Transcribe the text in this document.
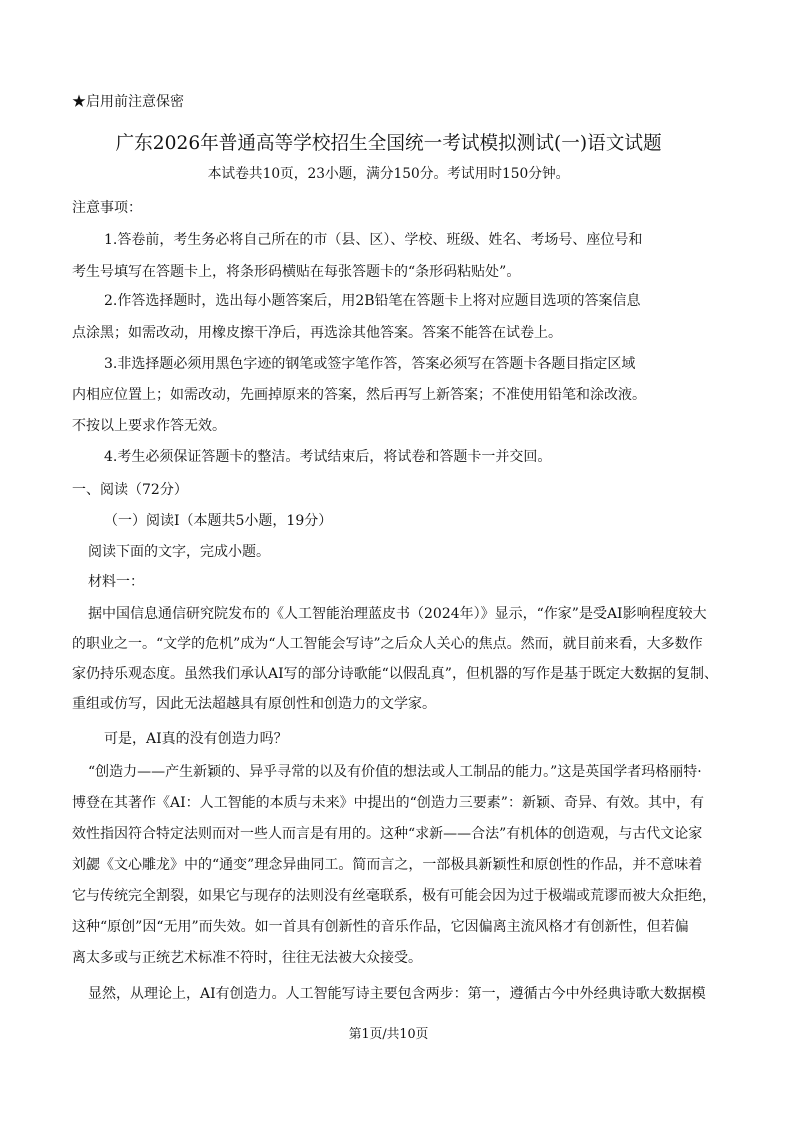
★启用前注意保密
广东2026年普通高等学校招生全国统一考试模拟测试(一)语文试题
本试卷共10页，23小题，满分150分。考试用时150分钟。
注意事项：
1.答卷前，考生务必将自己所在的市（县、区）、学校、班级、姓名、考场号、座位号和
考生号填写在答题卡上，将条形码横贴在每张答题卡的“条形码粘贴处”。
2.作答选择题时，选出每小题答案后，用2B铅笔在答题卡上将对应题目选项的答案信息
点涂黑；如需改动，用橡皮擦干净后，再选涂其他答案。答案不能答在试卷上。
3.非选择题必须用黑色字迹的钢笔或签字笔作答，答案必须写在答题卡各题目指定区域
内相应位置上；如需改动，先画掉原来的答案，然后再写上新答案；不准使用铅笔和涂改液。
不按以上要求作答无效。
4.考生必须保证答题卡的整洁。考试结束后，将试卷和答题卡一并交回。
一、阅读（72分）
（一）阅读Ⅰ（本题共5小题，19分）
阅读下面的文字，完成小题。
材料一：
据中国信息通信研究院发布的《人工智能治理蓝皮书（2024年）》显示，“作家”是受AI影响程度较大
的职业之一。“文学的危机”成为“人工智能会写诗”之后众人关心的焦点。然而，就目前来看，大多数作
家仍持乐观态度。虽然我们承认AI写的部分诗歌能“以假乱真”，但机器的写作是基于既定大数据的复制、
重组或仿写，因此无法超越具有原创性和创造力的文学家。
可是，AI真的没有创造力吗？
“创造力——产生新颖的、异乎寻常的以及有价值的想法或人工制品的能力。”这是英国学者玛格丽特·
博登在其著作《AI：人工智能的本质与未来》中提出的“创造力三要素”：新颖、奇异、有效。其中，有
效性指因符合特定法则而对一些人而言是有用的。这种“求新——合法”有机体的创造观，与古代文论家
刘勰《文心雕龙》中的“通变”理念异曲同工。简而言之，一部极具新颖性和原创性的作品，并不意味着
它与传统完全割裂，如果它与现存的法则没有丝毫联系，极有可能会因为过于极端或荒谬而被大众拒绝，
这种“原创”因“无用”而失效。如一首具有创新性的音乐作品，它因偏离主流风格才有创新性，但若偏
离太多或与正统艺术标准不符时，往往无法被大众接受。
显然，从理论上，AI有创造力。人工智能写诗主要包含两步：第一，遵循古今中外经典诗歌大数据模
第1页/共10页
